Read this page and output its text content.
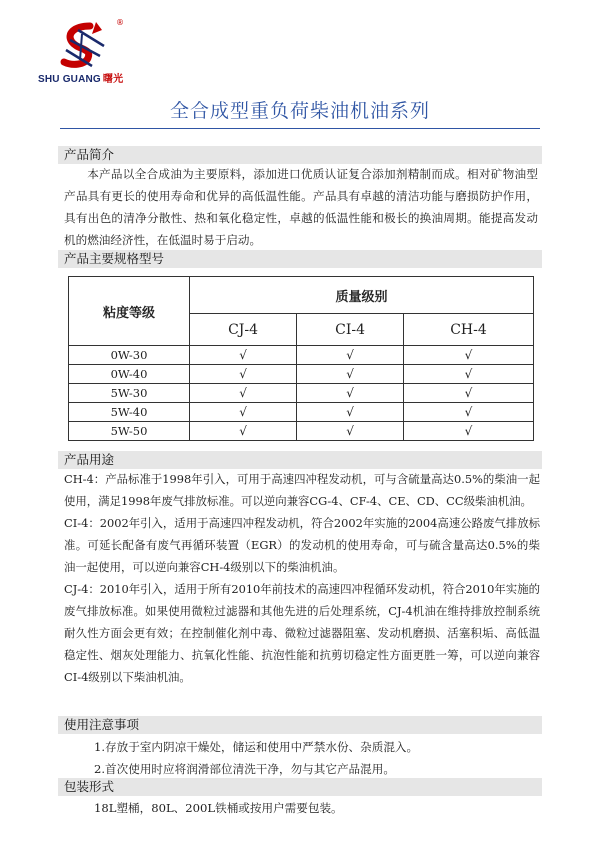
®
SHU GUANG 曙光
全合成型重负荷柴油机油系列
产品简介

本产品以全合成油为主要原料，添加进口优质认证复合添加剂精制而成。相对矿物油型产品具有更长的使用寿命和优异的高低温性能。产品具有卓越的清洁功能与磨损防护作用，具有出色的清净分散性、热和氧化稳定性，卓越的低温性能和极长的换油周期。能提高发动机的燃油经济性，在低温时易于启动。

产品主要规格型号
粘度等级	质量级别		
	CJ-4	CI-4	CH-4
0W-30	√	√	√
0W-40	√	√	√
5W-30	√	√	√
5W-40	√	√	√
5W-50	√	√	√
产品用途

CH-4：产品标准于1998年引入，可用于高速四冲程发动机，可与含硫量高达0.5%的柴油一起使用，满足1998年废气排放标准。可以逆向兼容CG-4、CF-4、CE、CD、CC级柴油机油。

CI-4：2002年引入，适用于高速四冲程发动机，符合2002年实施的2004高速公路废气排放标准。可延长配备有废气再循环装置（EGR）的发动机的使用寿命，可与硫含量高达0.5%的柴油一起使用，可以逆向兼容CH-4级别以下的柴油机油。

CJ-4：2010年引入，适用于所有2010年前技术的高速四冲程循环发动机，符合2010年实施的废气排放标准。如果使用微粒过滤器和其他先进的后处理系统，CJ-4机油在维持排放控制系统耐久性方面会更有效；在控制催化剂中毒、微粒过滤器阻塞、发动机磨损、活塞积垢、高低温稳定性、烟灰处理能力、抗氧化性能、抗泡性能和抗剪切稳定性方面更胜一筹，可以逆向兼容CI-4级别以下柴油机油。

使用注意事项

1.存放于室内阴凉干燥处，储运和使用中严禁水份、杂质混入。

2.首次使用时应将润滑部位清洗干净，勿与其它产品混用。

包装形式

18L塑桶，80L、200L铁桶或按用户需要包装。
